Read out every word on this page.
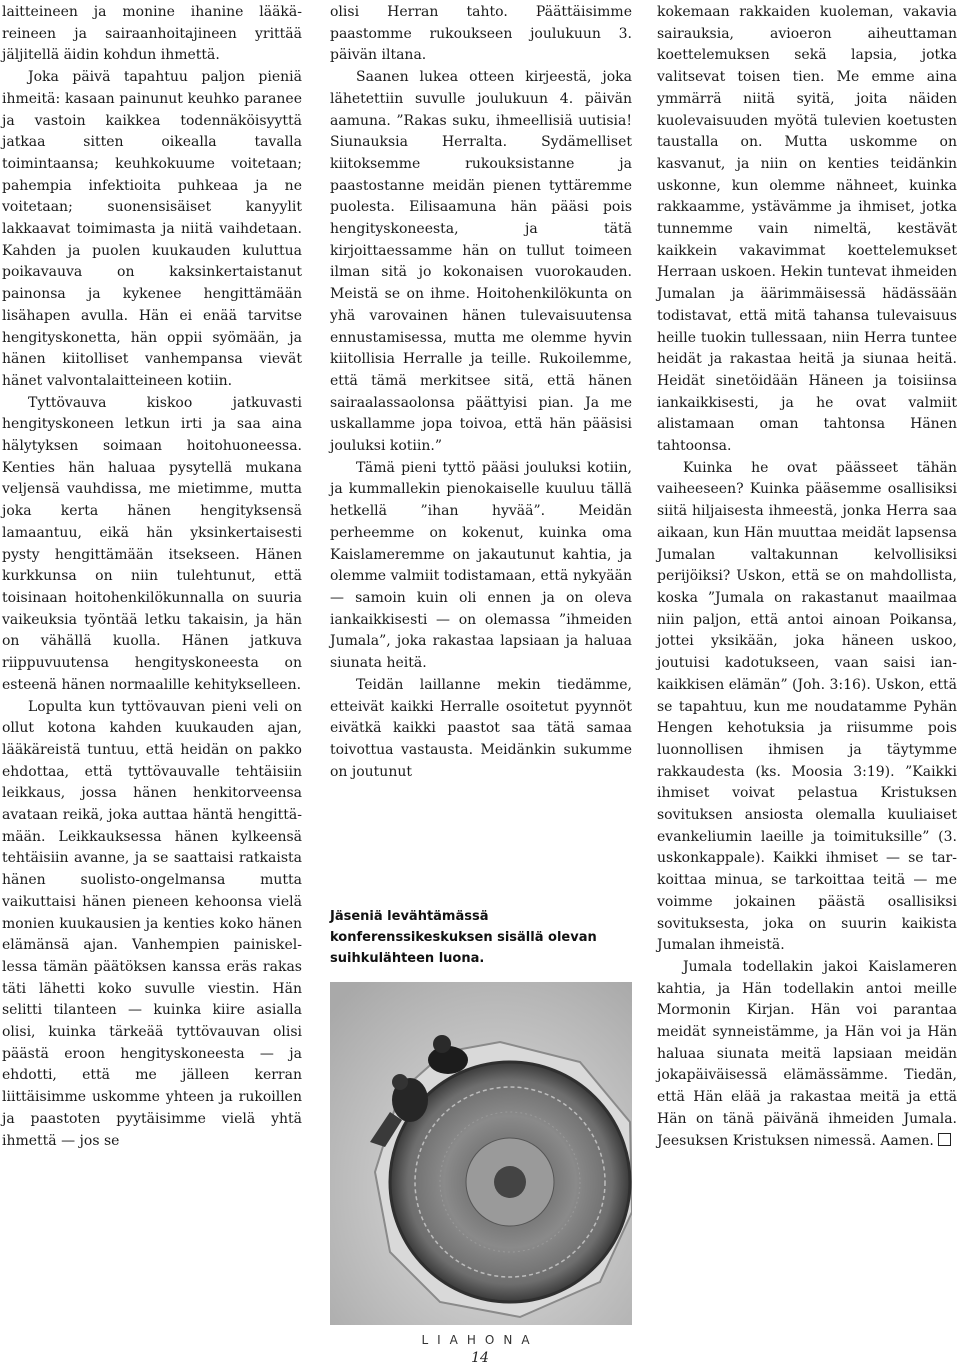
laitteineen ja monine ihanine lääkäreineen ja sairaanhoitajineen yrittää jäljitellä äidin kohdun ihmettä.

Joka päivä tapahtuu paljon pieniä ihmeitä: kasaan painunut keuhko paranee ja vastoin kaikkea todennäköisyyttä jatkaa sitten oikealla tavalla toimintaansa; keuhkokuume voitetaan; pahempia infektioita puhkeaa ja ne voitetaan; suonensisäiset kanyylit lakkaavat toimimasta ja niitä vaihdetaan. Kahden ja puolen kuukauden kuluttua poikavauva on kaksinkertaistanut painonsa ja kykenee hengittämään lisähapen avulla. Hän ei enää tarvitse hengityskonetta, hän oppii syömään, ja hänen kiitolliset vanhempansa vievät hänet valvontalaitteineen kotiin.

Tyttövauva kiskoo jatkuvasti hengityskoneen letkun irti ja saa aina hälytyksen soimaan hoitohuoneessa. Kenties hän haluaa pysytellä mukana veljensä vauhdissa, me mietimme, mutta joka kerta hänen hengityksensä lamaantuu, eikä hän yksinkertaisesti pysty hengittämään itsekseen. Hänen kurkkunsa on niin tulehtunut, että toisinaan hoitohenkilökunnalla on suuria vaikeuksia työntää letku takaisin, ja hän on vähällä kuolla. Hänen jatkuva riippuvuutensa hengityskoneesta on esteenä hänen normaalille kehitykselleen.

Lopulta kun tyttövauvan pieni veli on ollut kotona kahden kuukauden ajan, lääkäreistä tuntuu, että heidän on pakko ehdottaa, että tyttövauvalle tehtäisiin leikkaus, jossa hänen henkitorveensa avataan reikä, joka auttaa häntä hengittämään. Leikkauksessa hänen kylkeensä tehtäisiin avanne, ja se saattaisi ratkaista hänen suolisto-ongelmansa mutta vaikuttaisi hänen pieneen kehoonsa vielä monien kuukausien ja kenties koko hänen elämänsä ajan. Vanhempien painiskellessa tämän päätöksen kanssa eräs rakas täti lähetti koko suvulle viestin. Hän selitti tilanteen — kuinka kiire asialla olisi, kuinka tärkeää tyttövauvan olisi päästä eroon hengityskoneesta — ja ehdotti, että me jälleen kerran liittäisimme uskomme yhteen ja rukoillen ja paastoten pyytäisimme vielä yhtä ihmettä — jos se

olisi Herran tahto. Päättäisimme paastomme rukoukseen joulukuun 3. päivän iltana.

Saanen lukea otteen kirjeestä, joka lähetettiin suvulle joulukuun 4. päivän aamuna. ”Rakas suku, ihmeellisiä uutisia! Siunauksia Herralta. Sydämelliset kiitoksemme rukouksistanne ja paastostanne meidän pienen tyttäremme puolesta. Eilisaamuna hän pääsi pois hengityskoneesta, ja tätä kirjoittaessamme hän on tullut toimeen ilman sitä jo kokonaisen vuorokauden. Meistä se on ihme. Hoitohenkilökunta on yhä varovainen hänen tulevaisuutensa ennustamisessa, mutta me olemme hyvin kiitollisia Herralle ja teille. Rukoilemme, että tämä merkitsee sitä, että hänen sairaalassaolonsa päättyisi pian. Ja me uskallamme jopa toivoa, että hän pääsisi jouluksi kotiin.”

Tämä pieni tyttö pääsi jouluksi kotiin, ja kummallekin pienokaiselle kuuluu tällä hetkellä ”ihan hyvää”. Meidän perheemme on kokenut, kuinka oma Kaislameremme on jakautunut kahtia, ja olemme valmiit todistamaan, että nykyään — samoin kuin oli ennen ja on oleva iankaikkisesti — on olemassa ”ihmeiden Jumala”, joka rakastaa lapsiaan ja haluaa siunata heitä.

Teidän laillanne mekin tiedämme, etteivät kaikki Herralle osoitetut pyynnöt eivätkä kaikki paastot saa tätä samaa toivottua vastausta. Meidänkin sukumme on joutunut

Jäseniä levähtämässä konferenssikeskuksen sisällä olevan suihkulähteen luona.

kokemaan rakkaiden kuoleman, vakavia sairauksia, avioeron aiheuttaman koettelemuksen sekä lapsia, jotka valitsevat toisen tien. Me emme aina ymmärrä niitä syitä, joita näiden kuolevaisuuden myötä tulevien koetusten taustalla on. Mutta uskomme on kasvanut, ja niin on kenties teidänkin uskonne, kun olemme nähneet, kuinka rakkaamme, ystävämme ja ihmiset, jotka tunnemme vain nimeltä, kestävät kaikkein vakavimmat koettelemukset Herraan uskoen. Hekin tuntevat ihmeiden Jumalan ja äärimmäisessä hädässään todistavat, että mitä tahansa tulevaisuus heille tuokin tullessaan, niin Herra tuntee heidät ja rakastaa heitä ja siunaa heitä. Heidät sinetöidään Häneen ja toisiinsa iankaikkisesti, ja he ovat valmiit alistamaan oman tahtonsa Hänen tahtoonsa.

Kuinka he ovat päässeet tähän vaiheeseen? Kuinka pääsemme osallisiksi siitä hiljaisesta ihmeestä, jonka Herra saa aikaan, kun Hän muuttaa meidät lapsensa Jumalan valtakunnan kelvollisiksi perijöiksi? Uskon, että se on mahdollista, koska ”Jumala on rakastanut maailmaa niin paljon, että antoi ainoan Poikansa, jottei yksikään, joka häneen uskoo, joutuisi kadotukseen, vaan saisi iankaikkisen elämän” (Joh. 3:16). Uskon, että se tapahtuu, kun me noudatamme Pyhän Hengen kehotuksia ja riisumme pois luonnollisen ihmisen ja täytymme rakkaudesta (ks. Moosia 3:19). ”Kaikki ihmiset voivat pelastua Kristuksen sovituksen ansiosta olemalla kuuliaiset evankeliumin laeille ja toimituksille” (3. uskonkappale). Kaikki ihmiset — se tarkoittaa minua, se tarkoittaa teitä — me voimme jokainen päästä osallisiksi sovituksesta, joka on suurin kaikista Jumalan ihmeistä.

Jumala todellakin jakoi Kaislameren kahtia, ja Hän todellakin antoi meille Mormonin Kirjan. Hän voi parantaa meidät synneistämme, ja Hän voi ja Hän haluaa siunata meitä lapsiaan meidän jokapäiväisessä elämässämme. Tiedän, että Hän elää ja rakastaa meitä ja että Hän on tänä päivänä ihmeiden Jumala. Jeesuksen Kristuksen nimessä. Aamen.

LIAHONA
14
